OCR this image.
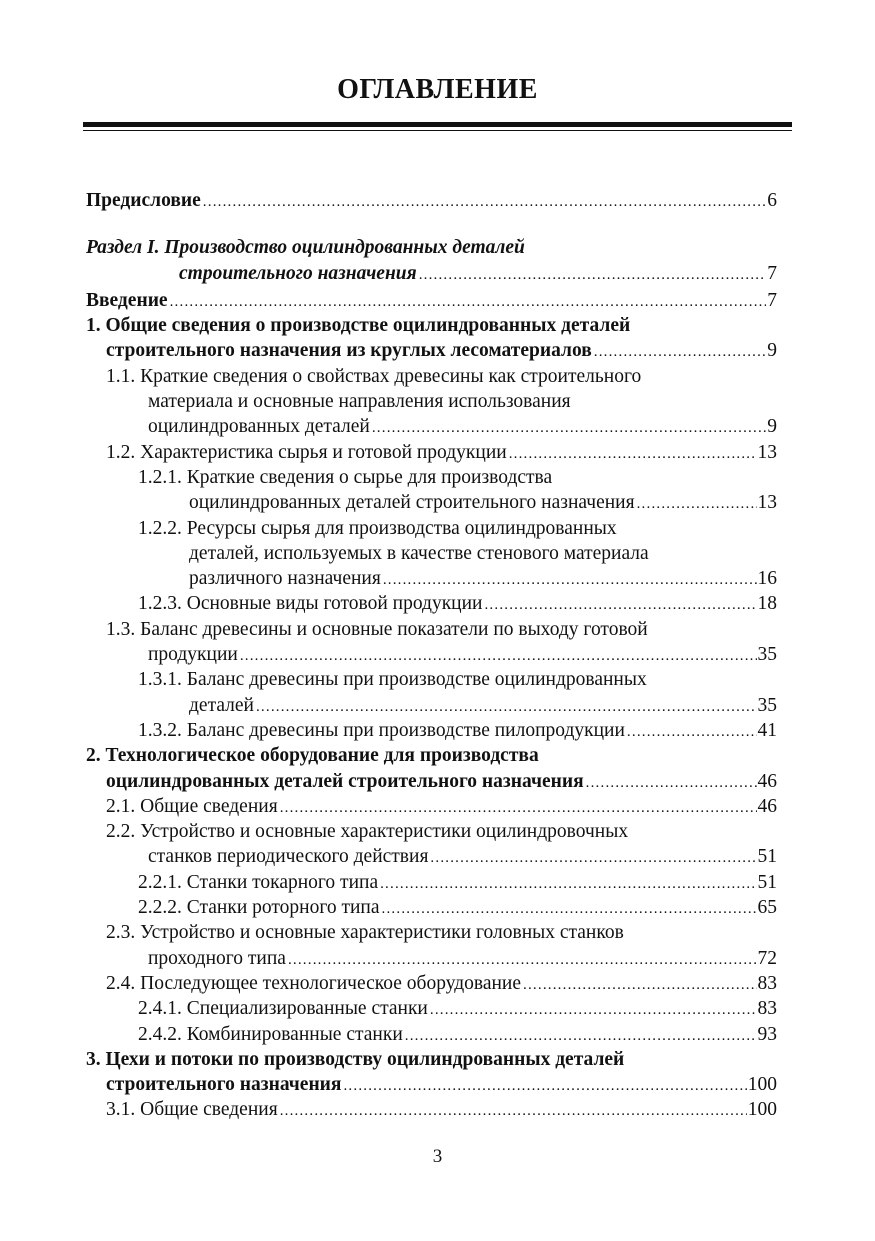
ОГЛАВЛЕНИЕ
Предисловие .....	6
Раздел I. Производство оцилиндрованных деталей
строительного назначения .....	7
Введение .....	7
1. Общие сведения о производстве оцилиндрованных деталей
строительного назначения из круглых лесоматериалов .....	9
1.1. Краткие сведения о свойствах древесины как строительного
материала и основные направления использования
оцилиндрованных деталей .....	9
1.2. Характеристика сырья и готовой продукции .....	13
1.2.1. Краткие сведения о сырье для производства
оцилиндрованных деталей строительного назначения .....	13
1.2.2. Ресурсы сырья для производства оцилиндрованных
деталей, используемых в качестве стенового материала
различного назначения .....	16
1.2.3. Основные виды готовой продукции .....	18
1.3. Баланс древесины и основные показатели по выходу готовой
продукции .....	35
1.3.1. Баланс древесины при производстве оцилиндрованных
деталей .....	35
1.3.2. Баланс древесины при производстве пилопродукции .....	41
2. Технологическое оборудование для производства
оцилиндрованных деталей строительного назначения .....	46
2.1. Общие сведения .....	46
2.2. Устройство и основные характеристики оцилиндровочных
станков периодического действия .....	51
2.2.1. Станки токарного типа .....	51
2.2.2. Станки роторного типа .....	65
2.3. Устройство и основные характеристики головных станков
проходного типа .....	72
2.4. Последующее технологическое оборудование .....	83
2.4.1. Специализированные станки .....	83
2.4.2. Комбинированные станки .....	93
3. Цехи и потоки по производству оцилиндрованных деталей
строительного назначения .....	100
3.1. Общие сведения .....	100
3
